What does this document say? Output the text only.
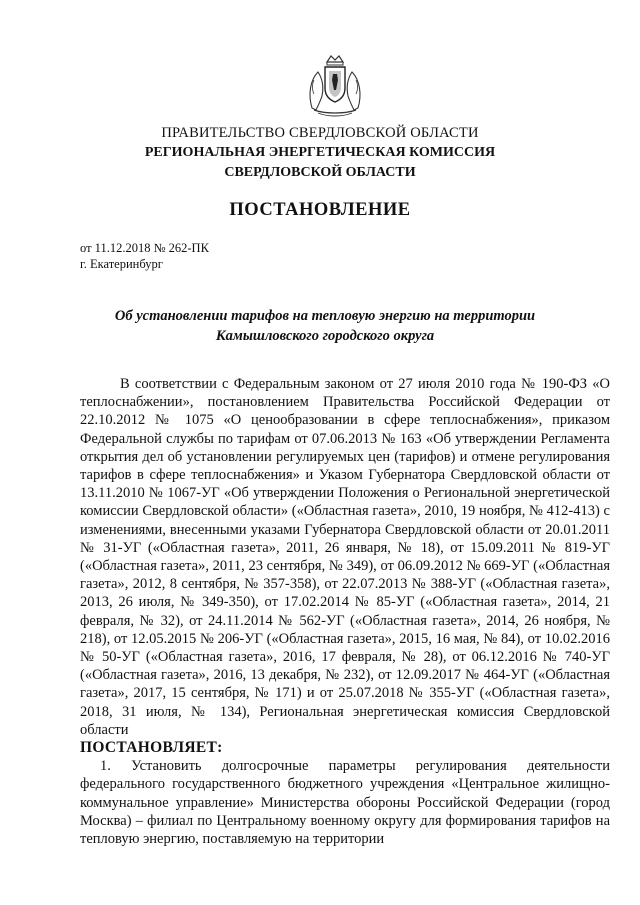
ПРАВИТЕЛЬСТВО СВЕРДЛОВСКОЙ ОБЛАСТИ
РЕГИОНАЛЬНАЯ ЭНЕРГЕТИЧЕСКАЯ КОМИССИЯ
СВЕРДЛОВСКОЙ ОБЛАСТИ
ПОСТАНОВЛЕНИЕ
от 11.12.2018 № 262-ПК
г. Екатеринбург
Об установлении тарифов на тепловую энергию на территории
Камышловского городского округа

В соответствии с Федеральным законом от 27 июля 2010 года № 190-ФЗ «О теплоснабжении», постановлением Правительства Российской Федерации от 22.10.2012 № 1075 «О ценообразовании в сфере теплоснабжения», приказом Федеральной службы по тарифам от 07.06.2013 № 163 «Об утверждении Регламента открытия дел об установлении регулируемых цен (тарифов) и отмене регулирования тарифов в сфере теплоснабжения» и Указом Губернатора Свердловской области от 13.11.2010 № 1067-УГ «Об утверждении Положения о Региональной энергетической комиссии Свердловской области» («Областная газета», 2010, 19 ноября, № 412-413) с изменениями, внесенными указами Губернатора Свердловской области от 20.01.2011 № 31-УГ («Областная газета», 2011, 26 января, № 18), от 15.09.2011 № 819-УГ («Областная газета», 2011, 23 сентября, № 349), от 06.09.2012 № 669-УГ («Областная газета», 2012, 8 сентября, № 357-358), от 22.07.2013 № 388-УГ («Областная газета», 2013, 26 июля, № 349-350), от 17.02.2014 № 85-УГ («Областная газета», 2014, 21 февраля, № 32), от 24.11.2014 № 562-УГ («Областная газета», 2014, 26 ноября, № 218), от 12.05.2015 № 206-УГ («Областная газета», 2015, 16 мая, № 84), от 10.02.2016 № 50-УГ («Областная газета», 2016, 17 февраля, № 28), от 06.12.2016 № 740-УГ («Областная газета», 2016, 13 декабря, № 232), от 12.09.2017 № 464-УГ («Областная газета», 2017, 15 сентября, № 171) и от 25.07.2018 № 355-УГ («Областная газета», 2018, 31 июля, № 134), Региональная энергетическая комиссия Свердловской области

ПОСТАНОВЛЯЕТ:

1. Установить долгосрочные параметры регулирования деятельности федерального государственного бюджетного учреждения «Центральное жилищно-коммунальное управление» Министерства обороны Российской Федерации (город Москва) – филиал по Центральному военному округу для формирования тарифов на тепловую энергию, поставляемую на территории
